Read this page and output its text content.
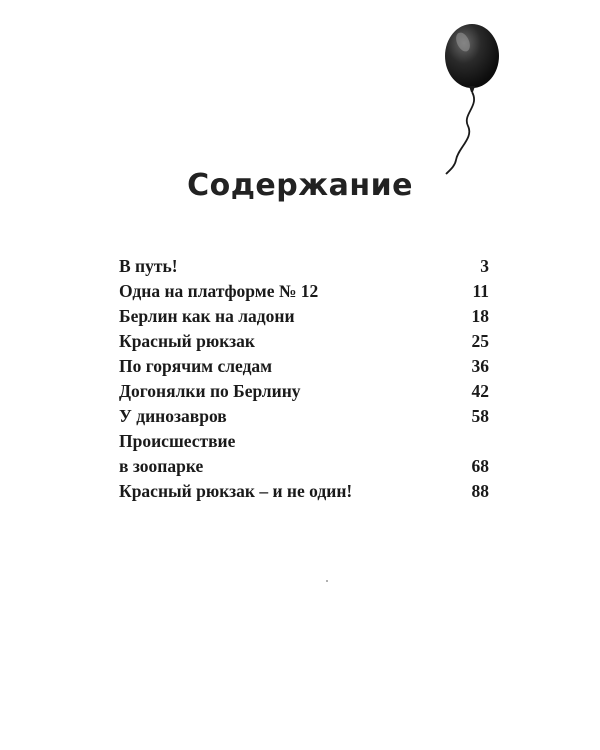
Содержание
В путь!	3
Одна на платформе № 12	11
Берлин как на ладони	18
Красный рюкзак	25
По горячим следам	36
Догонялки по Берлину	42
У динозавров	58
Происшествие
в зоопарке	68
Красный рюкзак – и не один!	88
